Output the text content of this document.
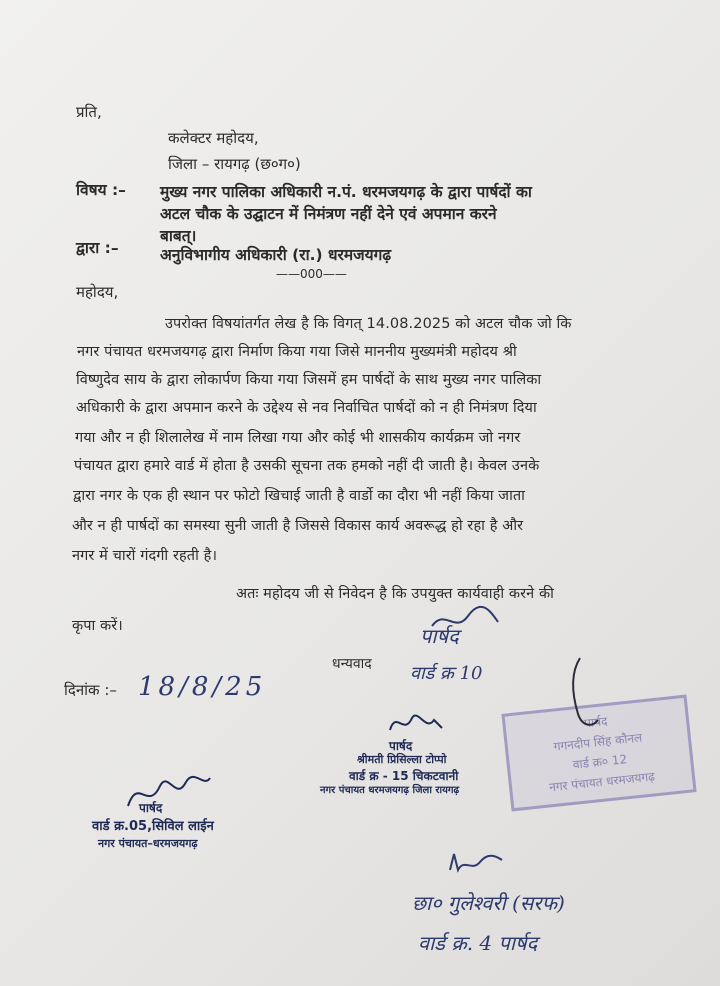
प्रति,
कलेक्टर महोदय,
जिला – रायगढ़ (छ०ग०)
विषय :– मुख्य नगर पालिका अधिकारी न.पं. धरमजयगढ़ के द्वारा पार्षदों का
अटल चौक के उद्घाटन में निमंत्रण नहीं देने एवं अपमान करने
बाबत्।
द्वारा :–	अनुविभागीय अधिकारी (रा.) धरमजयगढ़
——000——
महोदय,
उपरोक्त विषयांतर्गत लेख है कि विगत् 14.08.2025 को अटल चौक जो कि
नगर पंचायत धरमजयगढ़ द्वारा निर्माण किया गया जिसे माननीय मुख्यमंत्री महोदय श्री
विष्णुदेव साय के द्वारा लोकार्पण किया गया जिसमें हम पार्षदों के साथ मुख्य नगर पालिका
अधिकारी के द्वारा अपमान करने के उद्देश्य से नव निर्वाचित पार्षदों को न ही निमंत्रण दिया
गया और न ही शिलालेख में नाम लिखा गया और कोई भी शासकीय कार्यक्रम जो नगर
पंचायत द्वारा हमारे वार्ड में होता है उसकी सूचना तक हमको नहीं दी जाती है। केवल उनके
द्वारा नगर के एक ही स्थान पर फोटो खिचाई जाती है वार्डो का दौरा भी नहीं किया जाता
और न ही पार्षदों का समस्या सुनी जाती है जिससे विकास कार्य अवरूद्ध हो रहा है और
नगर में चारों गंदगी रहती है।
अतः महोदय जी से निवेदन है कि उपयुक्त कार्यवाही करने की
कृपा करें।
धन्यवाद
दिनांक :– 18/8/25
पार्षद
वार्ड क्र 10
पार्षद
श्रीमती प्रिसिल्ला टोप्पो
वार्ड क्र - 15 चिकटवानी
नगर पंचायत धरमजयगढ़ जिला रायगढ़
पार्षद
गगनदीप सिंह कौनल
वार्ड क्र० 12
नगर पंचायत धरमजयगढ़
पार्षद
वार्ड क्र.05,सिविल लाईन
नगर पंचायत–धरमजयगढ़
छा० गुलेश्वरी (सरफ)
वार्ड क्र. 4 पार्षद
